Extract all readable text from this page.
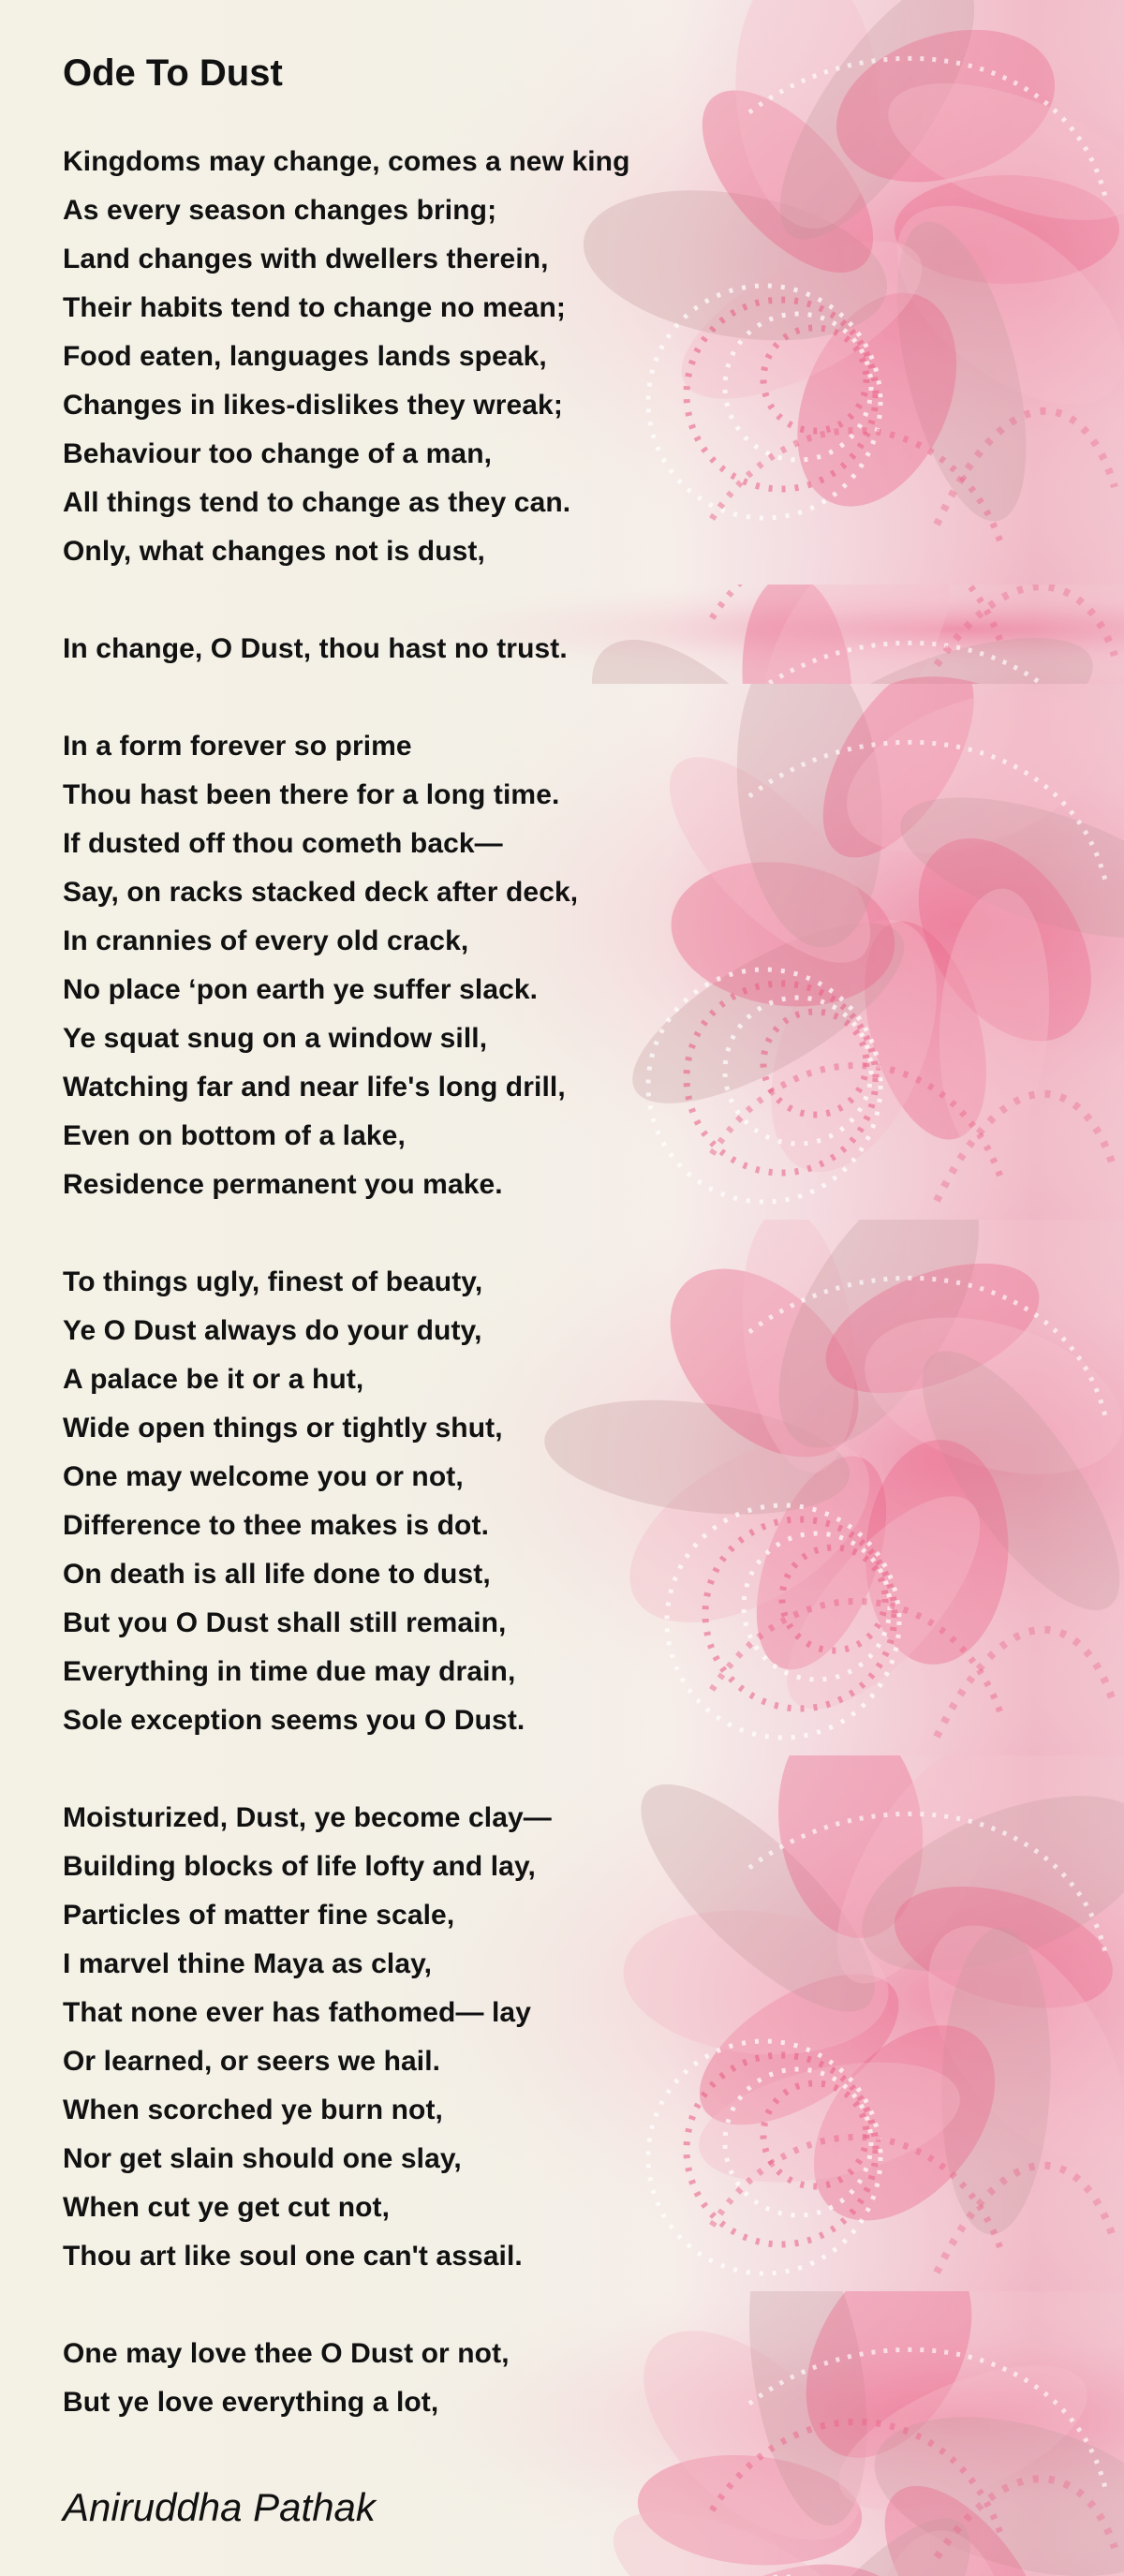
Ode To Dust
Kingdoms may change, comes a new king
As every season changes bring;
Land changes with dwellers therein,
Their habits tend to change no mean;
Food eaten, languages lands speak,
Changes in likes-dislikes they wreak;
Behaviour too change of a man,
All things tend to change as they can.
Only, what changes not is dust,
In change, O Dust, thou hast no trust.
In a form forever so prime
Thou hast been there for a long time.
If dusted off thou cometh back—
Say, on racks stacked deck after deck,
In crannies of every old crack,
No place ‘pon earth ye suffer slack.
Ye squat snug on a window sill,
Watching far and near life's long drill,
Even on bottom of a lake,
Residence permanent you make.
To things ugly, finest of beauty,
Ye O Dust always do your duty,
A palace be it or a hut,
Wide open things or tightly shut,
One may welcome you or not,
Difference to thee makes is dot.
On death is all life done to dust,
But you O Dust shall still remain,
Everything in time due may drain,
Sole exception seems you O Dust.
Moisturized, Dust, ye become clay—
Building blocks of life lofty and lay,
Particles of matter fine scale,
I marvel thine Maya as clay,
That none ever has fathomed— lay
Or learned, or seers we hail.
When scorched ye burn not,
Nor get slain should one slay,
When cut ye get cut not,
Thou art like soul one can't assail.
One may love thee O Dust or not,
But ye love everything a lot,
Aniruddha Pathak
